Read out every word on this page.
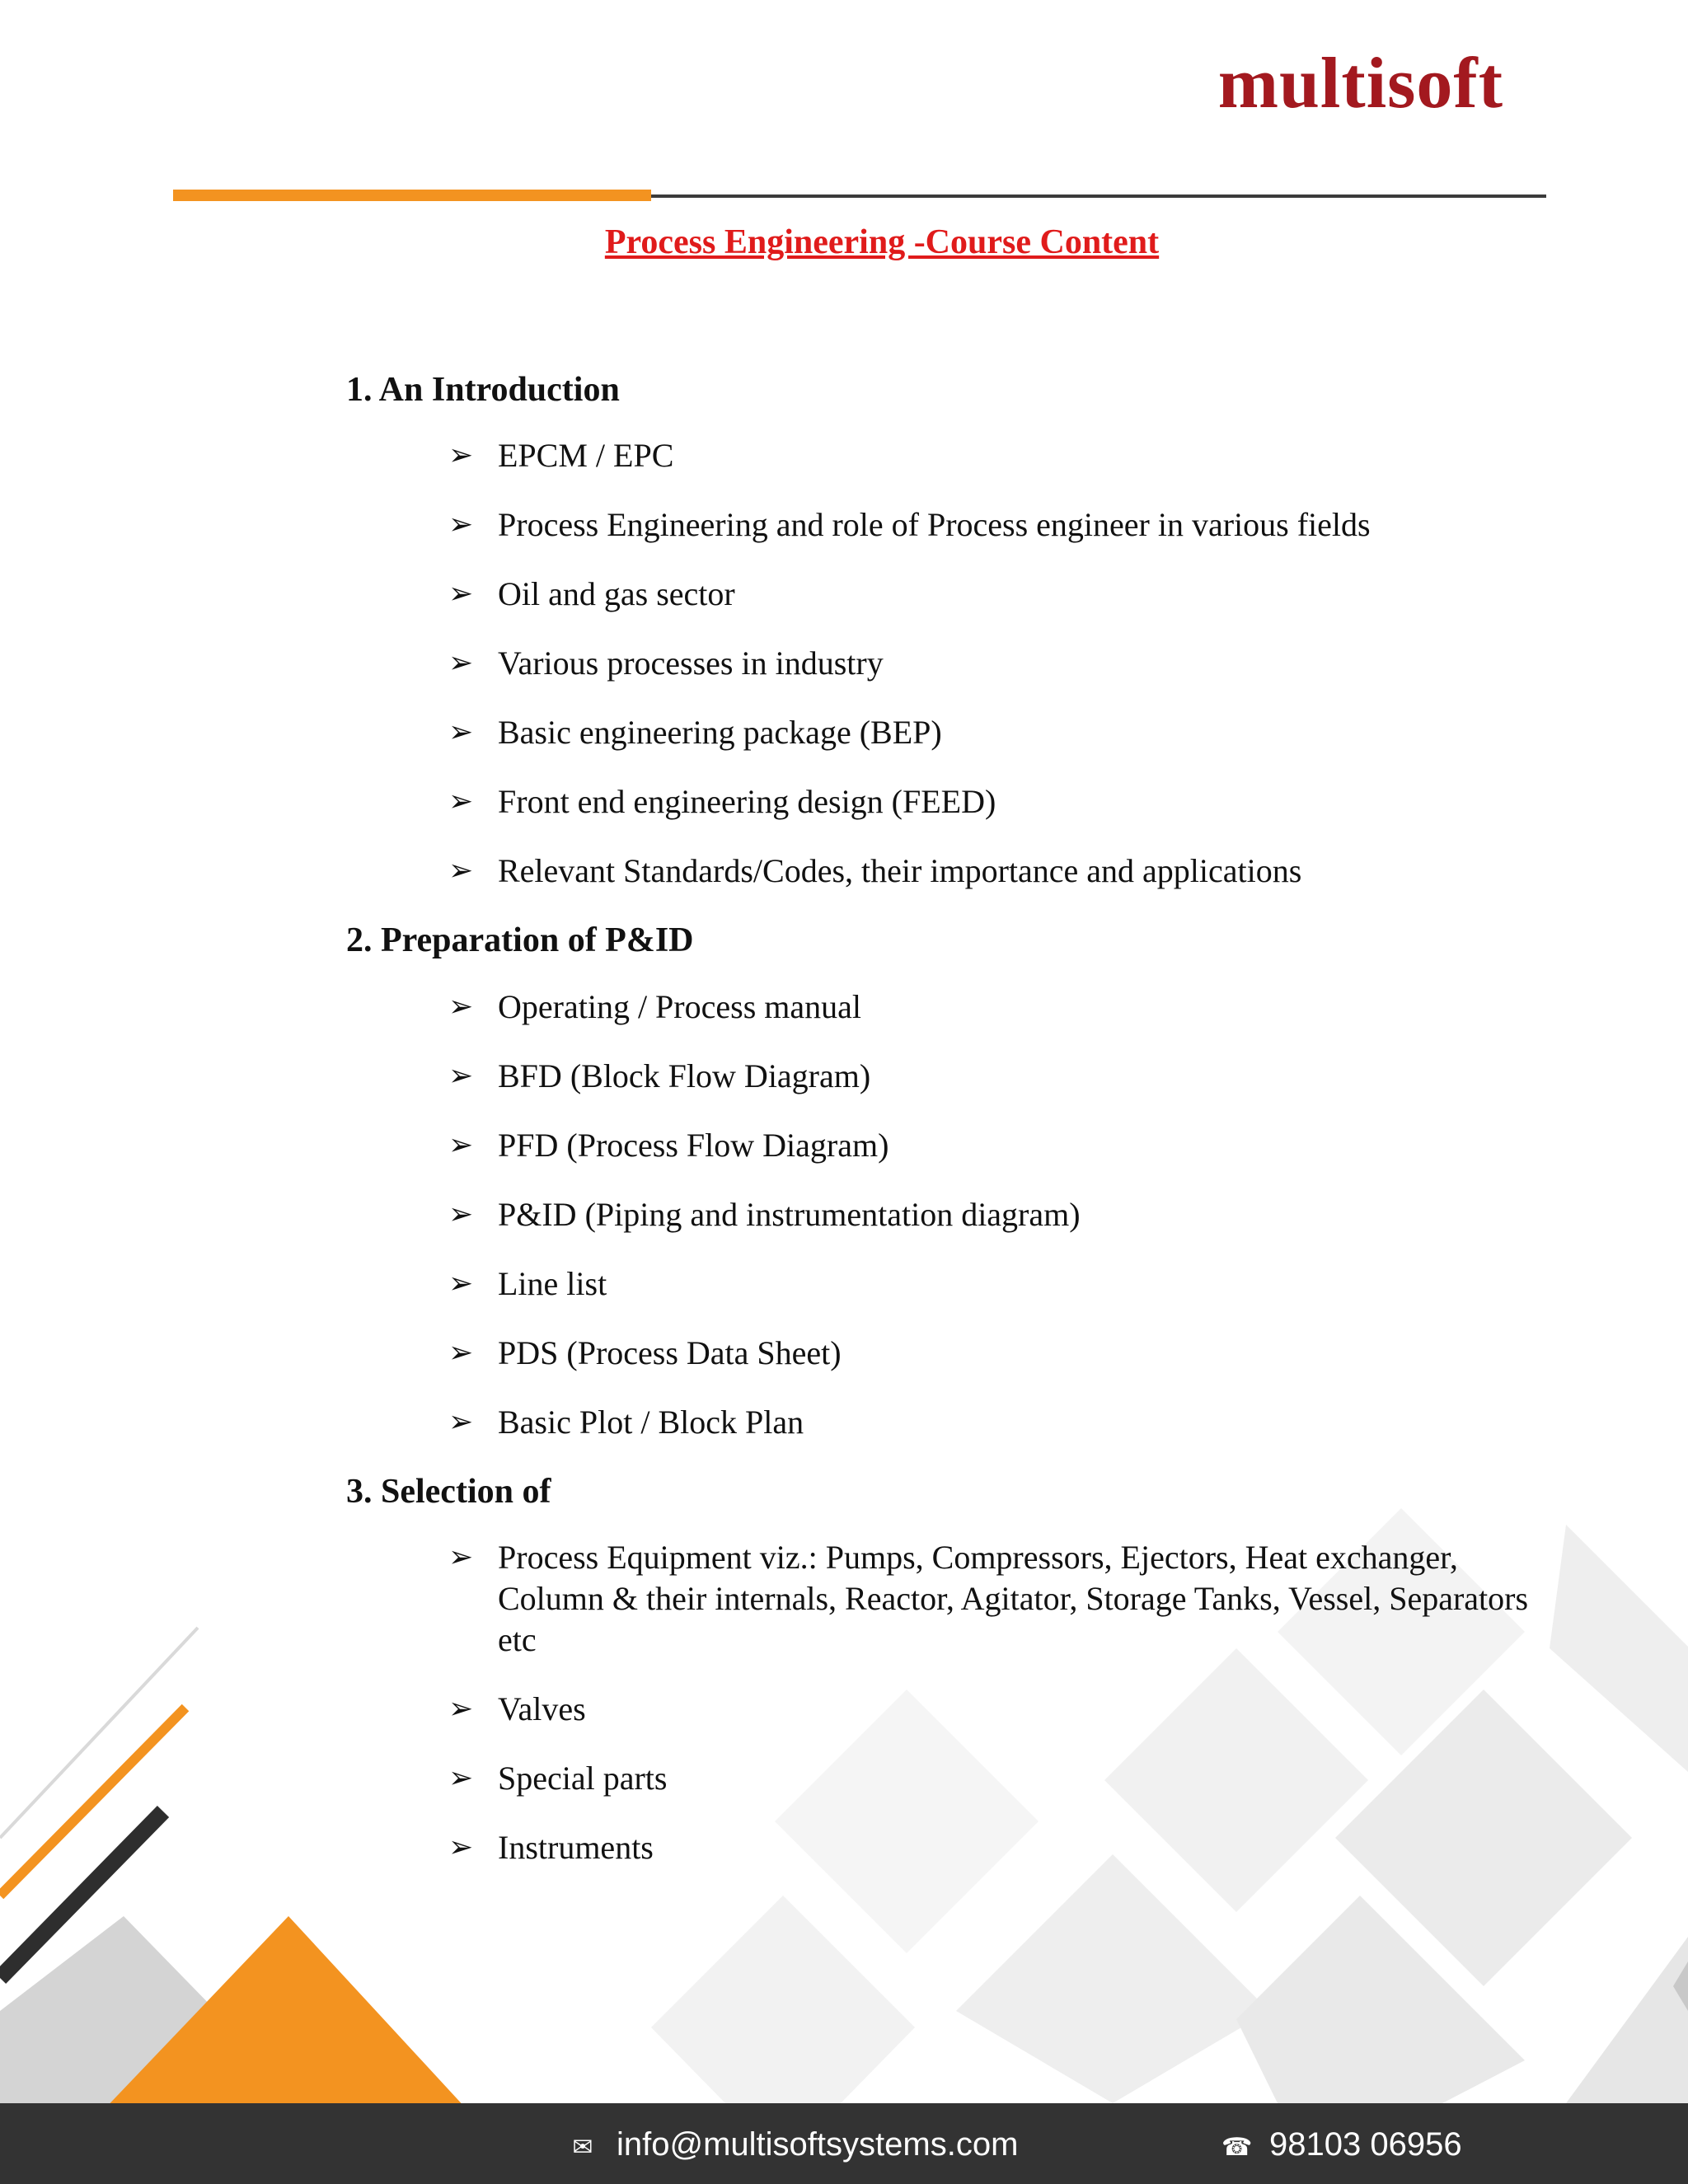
multisoft
Process Engineering -Course Content
1. An Introduction
➢ EPCM / EPC
➢ Process Engineering and role of Process engineer in various fields
➢ Oil and gas sector
➢ Various processes in industry
➢ Basic engineering package (BEP)
➢ Front end engineering design (FEED)
➢ Relevant Standards/Codes, their importance and applications
2. Preparation of P&ID
➢ Operating / Process manual
➢ BFD (Block Flow Diagram)
➢ PFD (Process Flow Diagram)
➢ P&ID (Piping and instrumentation diagram)
➢ Line list
➢ PDS (Process Data Sheet)
➢ Basic Plot / Block Plan
3. Selection of
➢ Process Equipment viz.: Pumps, Compressors, Ejectors, Heat exchanger, Column & their internals, Reactor, Agitator, Storage Tanks, Vessel, Separators etc
➢ Valves
➢ Special parts
➢ Instruments
✉ info@multisoftsystems.com	☎ 98103 06956
